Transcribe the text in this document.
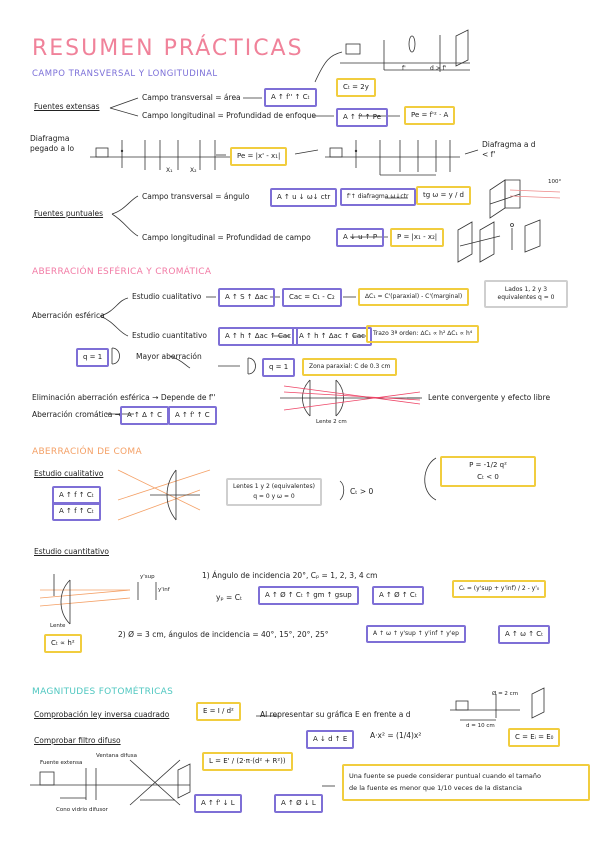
RESUMEN PRÁCTICAS
CAMPO TRANSVERSAL Y LONGITUDINAL
Cₜ = 2y
f'	d > f'
Fuentes extensas
Campo transversal = área	A ↑ f'' ↑ Cₜ
Campo longitudinal = Profundidad de enfoque	A ↑ f' ↑ Pe	Pe = f'² · A
Diafragma pegado a lo	Diafragma a d < f'
Pe = |x' - x₁|
X₁	X₂
Fuentes puntuales
Campo transversal = ángulo	A ↑ u ↓ ω↓ ctr	f'↑ diafragma ω↓ctr	tg ω = y / d
100°
Campo longitudinal = Profundidad de campo	A ↓ u ↑ P	P = |x₁ - x₂|
ABERRACIÓN ESFÉRICA Y CROMÁTICA
Aberración esférica
Estudio cualitativo	A ↑ S ↑ ∆ac	Cac = C₁ - C₂	∆C₁ = C'(paraxial) - C'(marginal)
Lados 1, 2 y 3 equivalentes q = 0
Estudio cuantitativo	A ↑ h ↑ ∆ac ↑ Cac	A ↑ h ↑ ∆ac ↑ Cac	Trazo 3ª orden: ∆C₁ ∝ h² ∆C₁ ∝ h⁴
q = 1	Mayor aberración
q = 1	Zona paraxial: C de 0.3 cm
Eliminación aberración esférica → Depende de f''	Lente convergente y efecto libre
Lente 2 cm
Aberración cromática → A ↑ ∆ ↑ C	A ↑ f' ↑ C
ABERRACIÓN DE COMA
Estudio cualitativo
A ↑ f ↑ Cₜ
A ↑ f ↑ Cₜ
Lentes 1 y 2 (equivalentes)
q = 0 y ω = 0
Cₜ > 0
P = -1/2 q²
Cₜ < 0
Estudio cuantitativo
1) Ángulo de incidencia 20°, Cₚ = 1, 2, 3, 4 cm
y'sup
y'inf
yₚ = Cₜ	A ↑ Ø ↑ Cₜ ↑ gm ↑ gsup	A ↑ Ø ↑ Cₜ
Cₜ = (y'sup + y'inf) / 2 - y'₀
Lente
2) Ø = 3 cm, ángulos de incidencia = 40°, 15°, 20°, 25°	A ↑ ω ↑ y'sup ↑ y'inf ↑ y'ep	A ↑ ω ↑ Cₜ
Cₜ ∝ h²
MAGNITUDES FOTOMÉTRICAS
Comprobación ley inversa cuadrado	E = I / d²	Al representar su gráfica E en frente a d
Ø = 2 cm
d = 10 cm
A ↓ d ↑ E	A·x² = (1/4)x²	C = Eᵢ = E₀
Comprobar filtro difuso
Fuente extensa
Ventana difusa
Cono vidrio difusor
L = E' / (2·π·(d² + R²))
A ↑ f' ↓ L	A ↑ Ø ↓ L
Una fuente se puede considerar puntual cuando el tamaño
de la fuente es menor que 1/10 veces de la distancia
